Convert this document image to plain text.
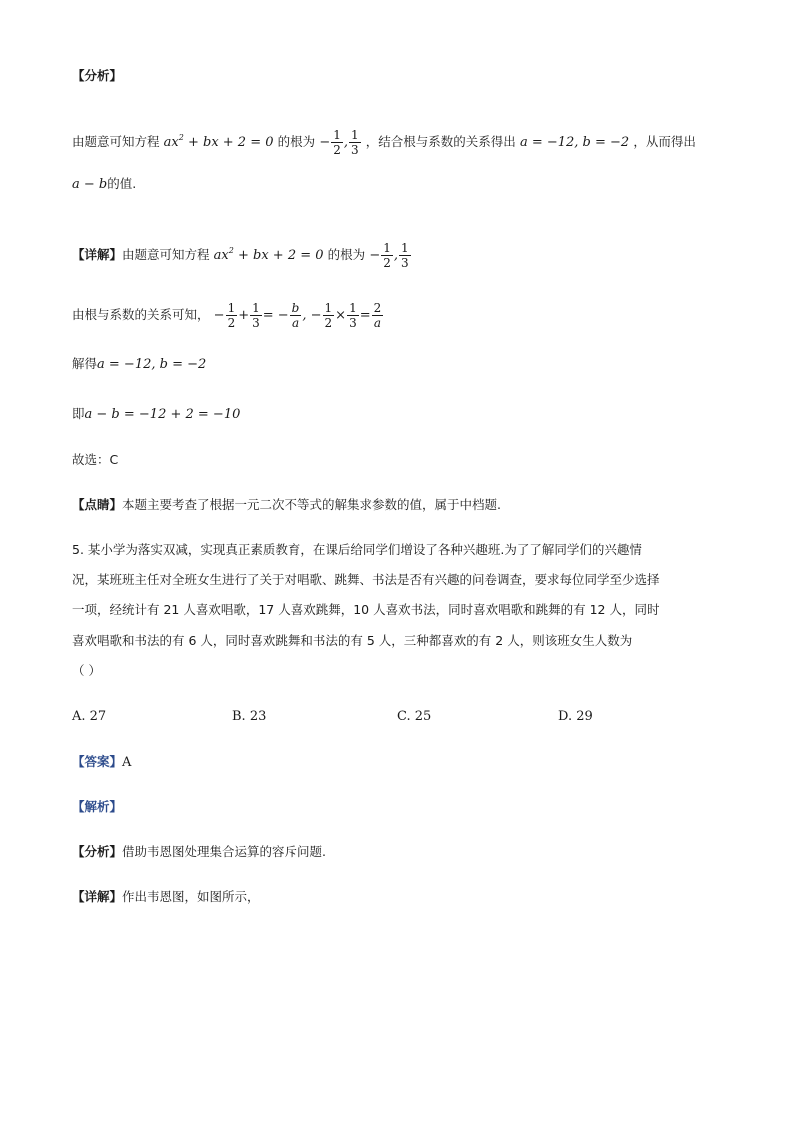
【分析】
由题意可知方程 $ax^2$ + bx + 2 = 0 的根为 − $\frac{1}{2}$ , $\frac{1}{3}$ ，结合根与系数的关系得出 a = −12, b = −2 ，从而得出
a − b的值.
【详解】由题意可知方程 $ax^2$ + bx + 2 = 0 的根为 − $\frac{1}{2}$ , $\frac{1}{3}$
由根与系数的关系可知， − $\frac{1}{2} + \frac{1}{3}$ = − $\frac{b}{a}$ , − $\frac{1}{2} \times \frac{1}{3} = \frac{2}{a}$
解得a = −12, b = −2
即a − b = −12 + 2 = −10
故选：C
【点睛】本题主要考查了根据一元二次不等式的解集求参数的值，属于中档题.
5. 某小学为落实双减，实现真正素质教育，在课后给同学们增设了各种兴趣班.为了了解同学们的兴趣情
况，某班班主任对全班女生进行了关于对唱歌、跳舞、书法是否有兴趣的问卷调查，要求每位同学至少选择
一项，经统计有 21 人喜欢唱歌，17 人喜欢跳舞，10 人喜欢书法，同时喜欢唱歌和跳舞的有 12 人，同时
喜欢唱歌和书法的有 6 人，同时喜欢跳舞和书法的有 5 人，三种都喜欢的有 2 人，则该班女生人数为
（ ）
A. 27	B. 23	C. 25	D. 29
【答案】A
【解析】
【分析】借助韦恩图处理集合运算的容斥问题.
【详解】作出韦恩图，如图所示，
